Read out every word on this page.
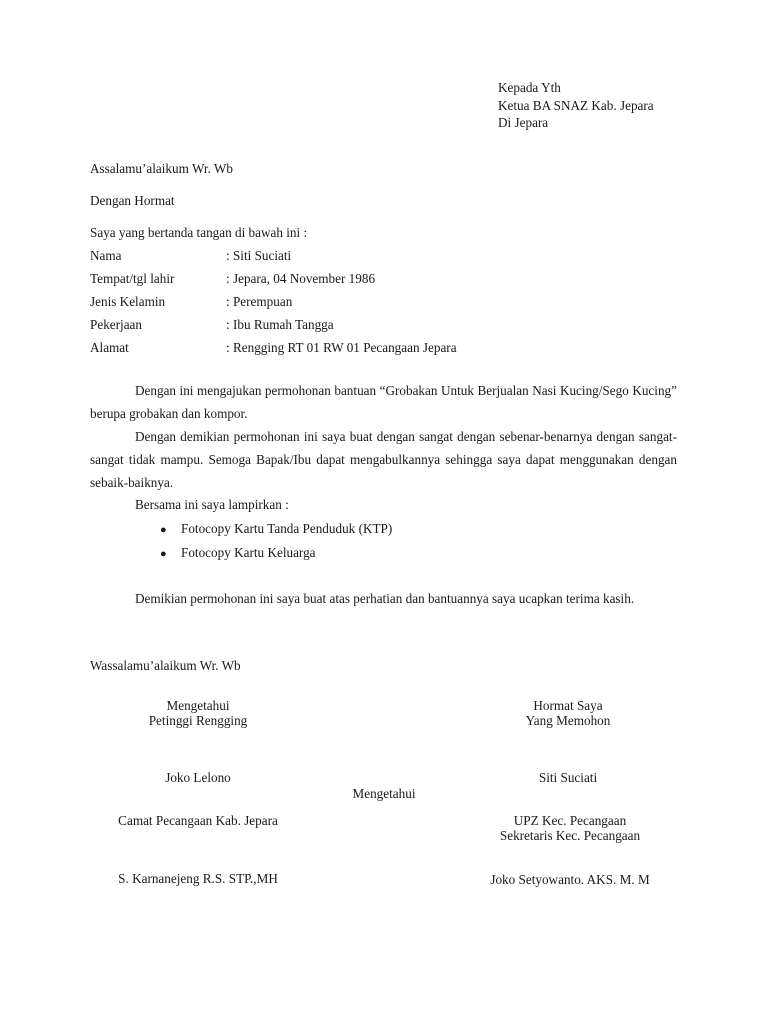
Kepada Yth
Ketua BA SNAZ Kab. Jepara
Di Jepara
Assalamu’alaikum Wr. Wb
Dengan Hormat
Saya yang bertanda tangan di bawah ini :
Nama	: Siti Suciati
Tempat/tgl lahir	: Jepara, 04 November 1986
Jenis Kelamin	: Perempuan
Pekerjaan	: Ibu Rumah Tangga
Alamat	: Rengging RT 01 RW 01 Pecangaan Jepara
Dengan ini mengajukan permohonan bantuan “Grobakan Untuk Berjualan Nasi Kucing/Sego Kucing” berupa grobakan dan kompor.
Dengan demikian permohonan ini saya buat dengan sangat dengan sebenar-benarnya dengan sangat-sangat tidak mampu. Semoga Bapak/Ibu dapat mengabulkannya sehingga saya dapat menggunakan dengan sebaik-baiknya.
Bersama ini saya lampirkan :
● Fotocopy Kartu Tanda Penduduk (KTP)
● Fotocopy Kartu Keluarga
Demikian permohonan ini saya buat atas perhatian dan bantuannya saya ucapkan terima kasih.
Wassalamu’alaikum Wr. Wb
Mengetahui
Petinggi Rengging
Hormat Saya
Yang Memohon
Joko Lelono	Siti Suciati
Mengetahui
Camat Pecangaan Kab. Jepara	UPZ Kec. Pecangaan
Sekretaris Kec. Pecangaan
S. Karnanejeng R.S. STP.,MH	Joko Setyowanto. AKS. M. M
